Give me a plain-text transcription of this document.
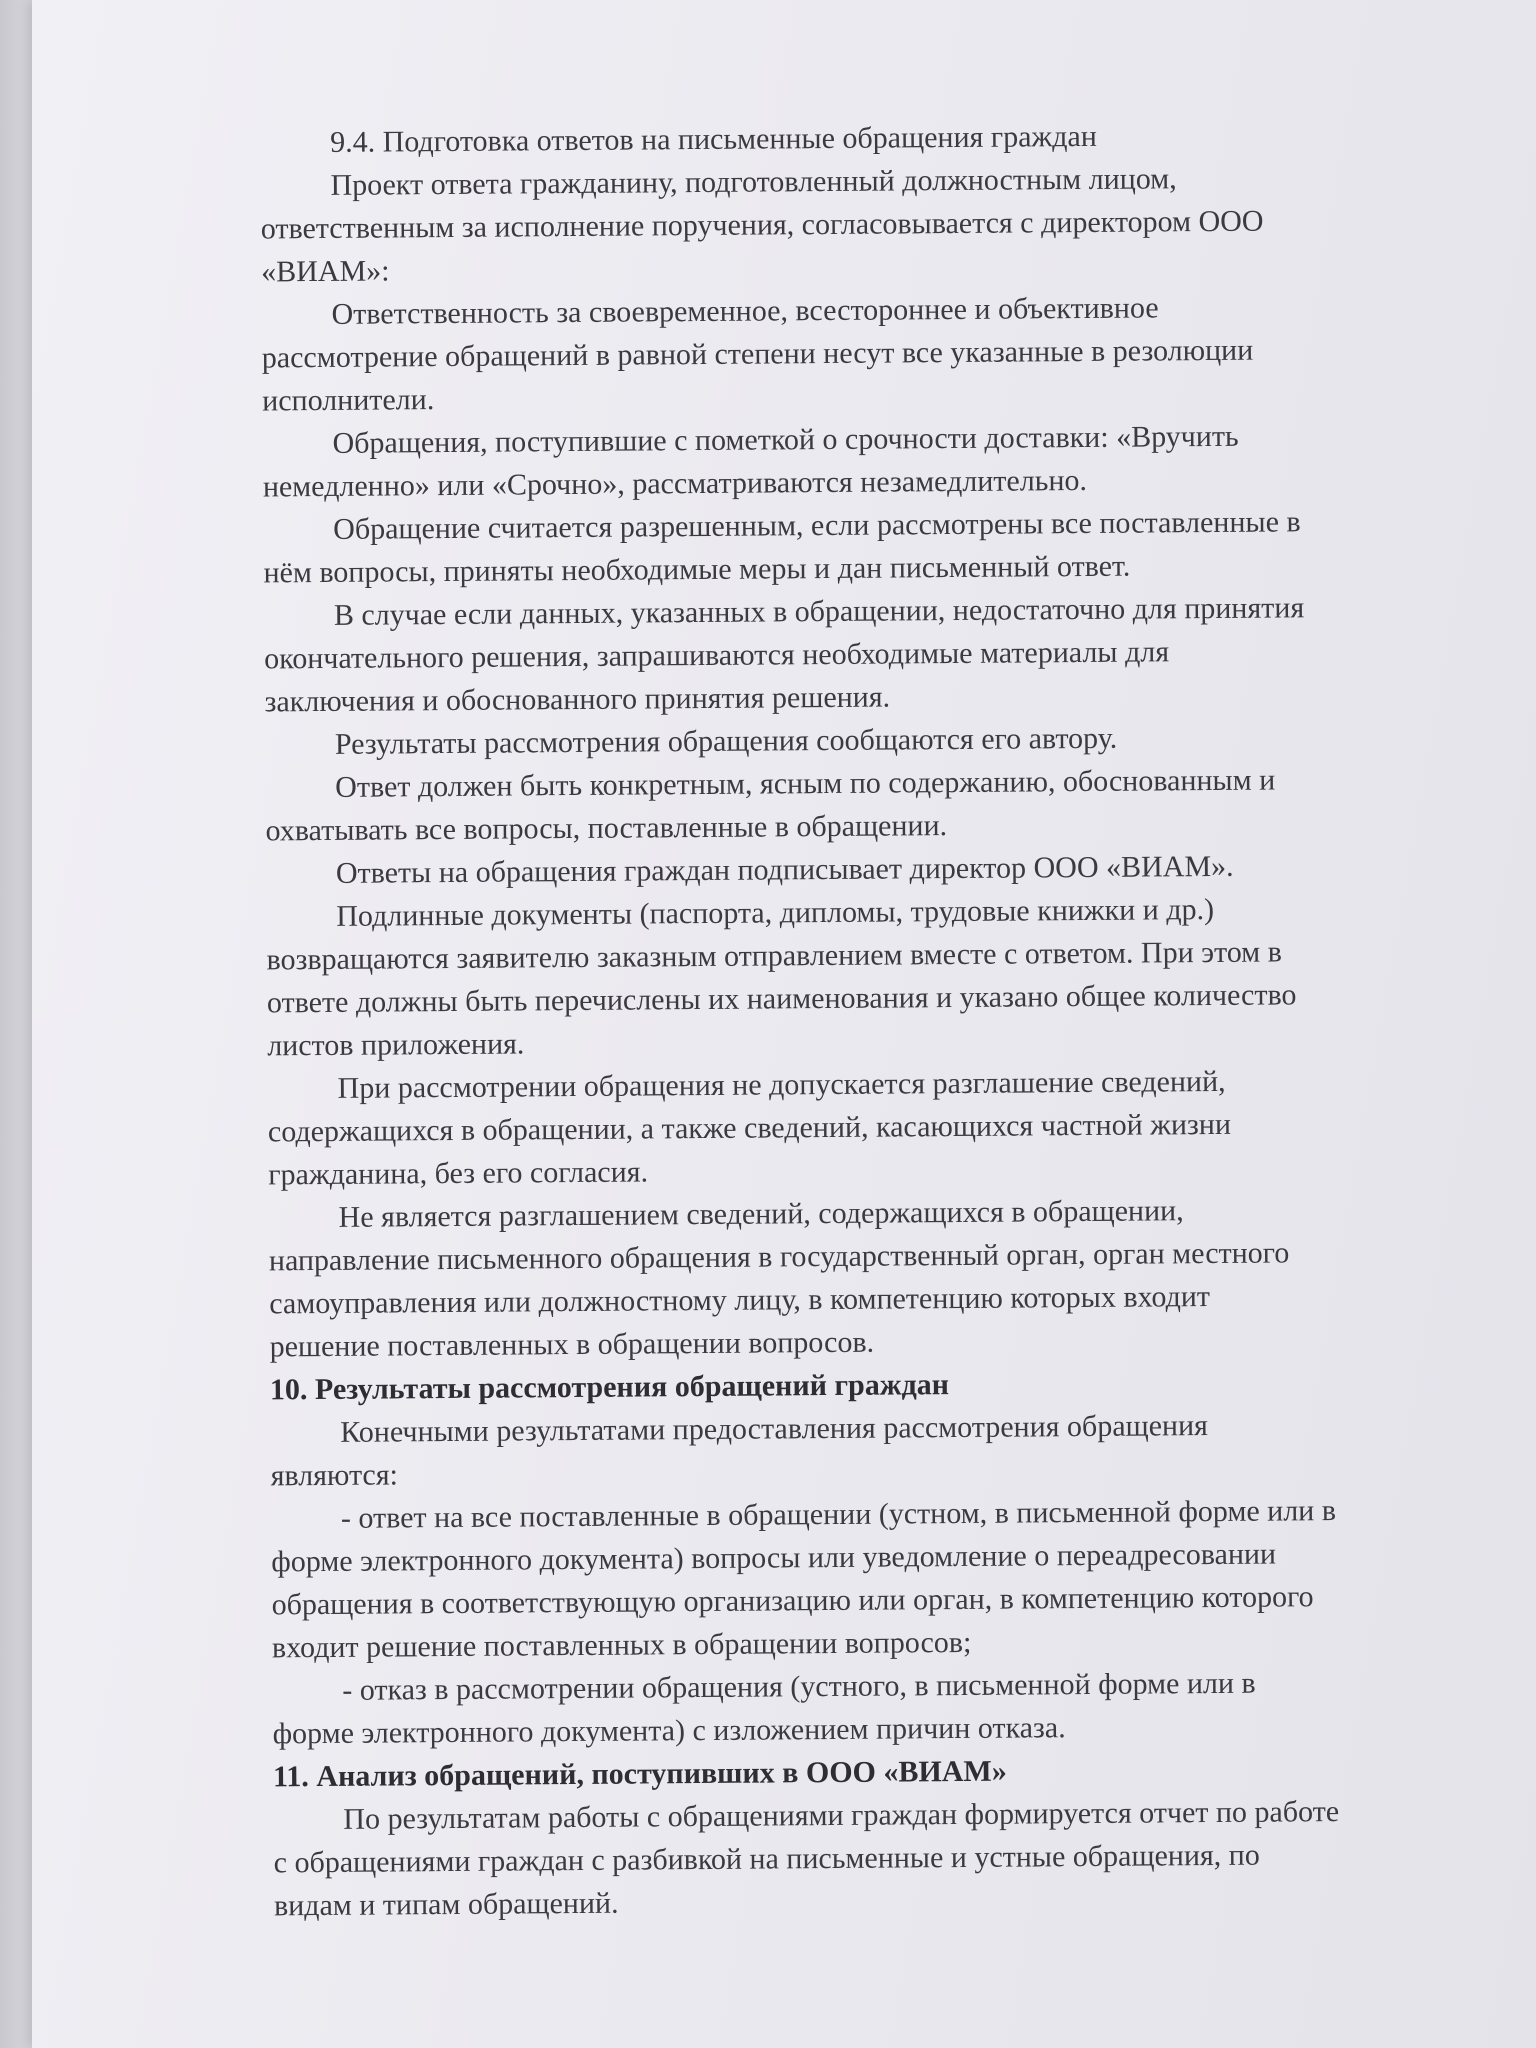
9.4. Подготовка ответов на письменные обращения граждан
Проект ответа гражданину, подготовленный должностным лицом,
ответственным за исполнение поручения, согласовывается с директором ООО
«ВИАМ»:
Ответственность за своевременное, всестороннее и объективное
рассмотрение обращений в равной степени несут все указанные в резолюции
исполнители.
Обращения, поступившие с пометкой о срочности доставки: «Вручить
немедленно» или «Срочно», рассматриваются незамедлительно.
Обращение считается разрешенным, если рассмотрены все поставленные в
нём вопросы, приняты необходимые меры и дан письменный ответ.
В случае если данных, указанных в обращении, недостаточно для принятия
окончательного решения, запрашиваются необходимые материалы для
заключения и обоснованного принятия решения.
Результаты рассмотрения обращения сообщаются его автору.
Ответ должен быть конкретным, ясным по содержанию, обоснованным и
охватывать все вопросы, поставленные в обращении.
Ответы на обращения граждан подписывает директор ООО «ВИАМ».
Подлинные документы (паспорта, дипломы, трудовые книжки и др.)
возвращаются заявителю заказным отправлением вместе с ответом. При этом в
ответе должны быть перечислены их наименования и указано общее количество
листов приложения.
При рассмотрении обращения не допускается разглашение сведений,
содержащихся в обращении, а также сведений, касающихся частной жизни
гражданина, без его согласия.
Не является разглашением сведений, содержащихся в обращении,
направление письменного обращения в государственный орган, орган местного
самоуправления или должностному лицу, в компетенцию которых входит
решение поставленных в обращении вопросов.
10. Результаты рассмотрения обращений граждан
Конечными результатами предоставления рассмотрения обращения
являются:
- ответ на все поставленные в обращении (устном, в письменной форме или в
форме электронного документа) вопросы или уведомление о переадресовании
обращения в соответствующую организацию или орган, в компетенцию которого
входит решение поставленных в обращении вопросов;
- отказ в рассмотрении обращения (устного, в письменной форме или в
форме электронного документа) с изложением причин отказа.
11. Анализ обращений, поступивших в ООО «ВИАМ»
По результатам работы с обращениями граждан формируется отчет по работе
с обращениями граждан с разбивкой на письменные и устные обращения, по
видам и типам обращений.
